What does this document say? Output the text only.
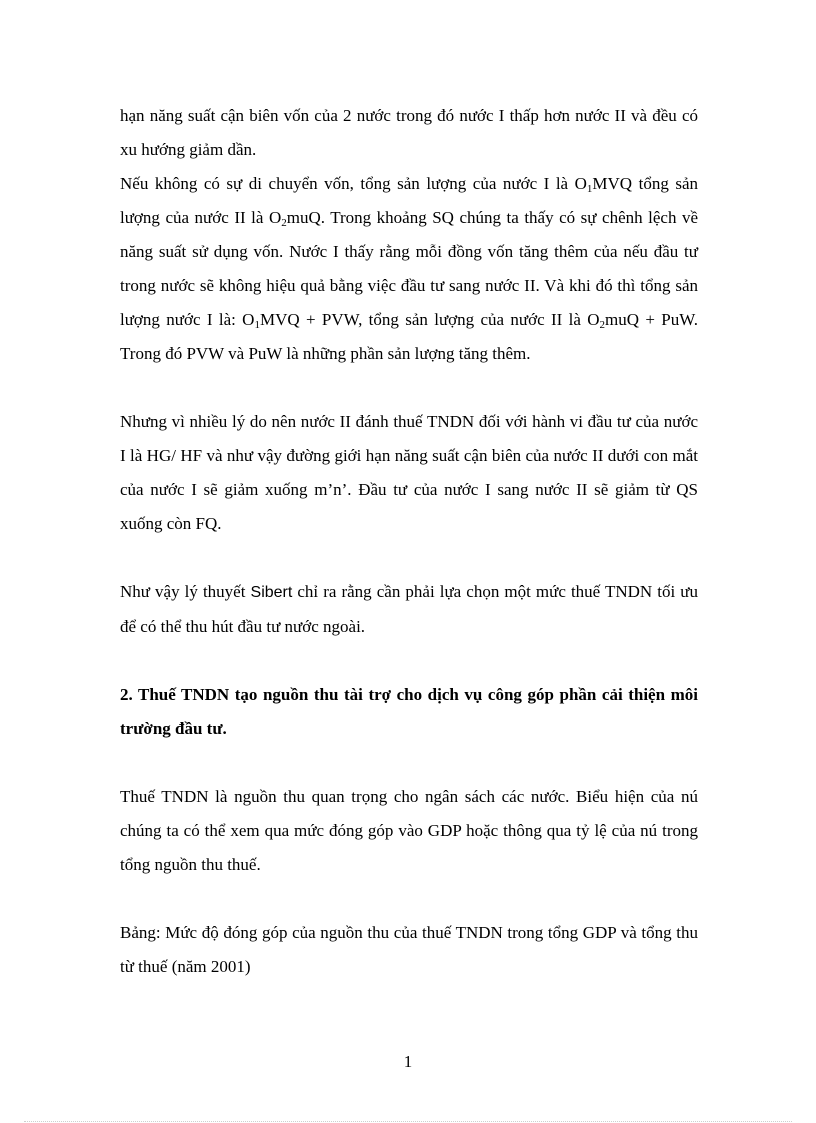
hạn năng suất cận biên vốn của 2 nước trong đó nước I thấp hơn nước II và đều có xu hướng giảm dần.

Nếu không có sự di chuyển vốn, tổng sản lượng của nước I là $O_1MVQ$ tổng sản lượng của nước II là $O_2muQ$. Trong khoảng SQ chúng ta thấy có sự chênh lệch về năng suất sử dụng vốn. Nước I thấy rằng mỗi đồng vốn tăng thêm của nếu đầu tư trong nước sẽ không hiệu quả bằng việc đầu tư sang nước II. Và khi đó thì tổng sản lượng nước I là: $O_1MVQ$ + PVW, tổng sản lượng của nước II là $O_2muQ$ + PuW. Trong đó PVW và PuW là những phần sản lượng tăng thêm.

Nhưng vì nhiều lý do nên nước II đánh thuế TNDN đối với hành vi đầu tư của nước I là HG/ HF và như vậy đường giới hạn năng suất cận biên của nước II dưới con mắt của nước I sẽ giảm xuống m’n’. Đầu tư của nước I sang nước II sẽ giảm từ QS xuống còn FQ.

Như vậy lý thuyết Sibert chỉ ra rằng cần phải lựa chọn một mức thuế TNDN tối ưu để có thể thu hút đầu tư nước ngoài.

2. Thuế TNDN tạo nguồn thu tài trợ cho dịch vụ công góp phần cải thiện môi trường đầu tư.

Thuế TNDN là nguồn thu quan trọng cho ngân sách các nước. Biểu hiện của nú chúng ta có thể xem qua mức đóng góp vào GDP hoặc thông qua tỷ lệ của nú trong tổng nguồn thu thuế.

Bảng: Mức độ đóng góp của nguồn thu của thuế TNDN trong tổng GDP và tổng thu từ thuế (năm 2001)

1
